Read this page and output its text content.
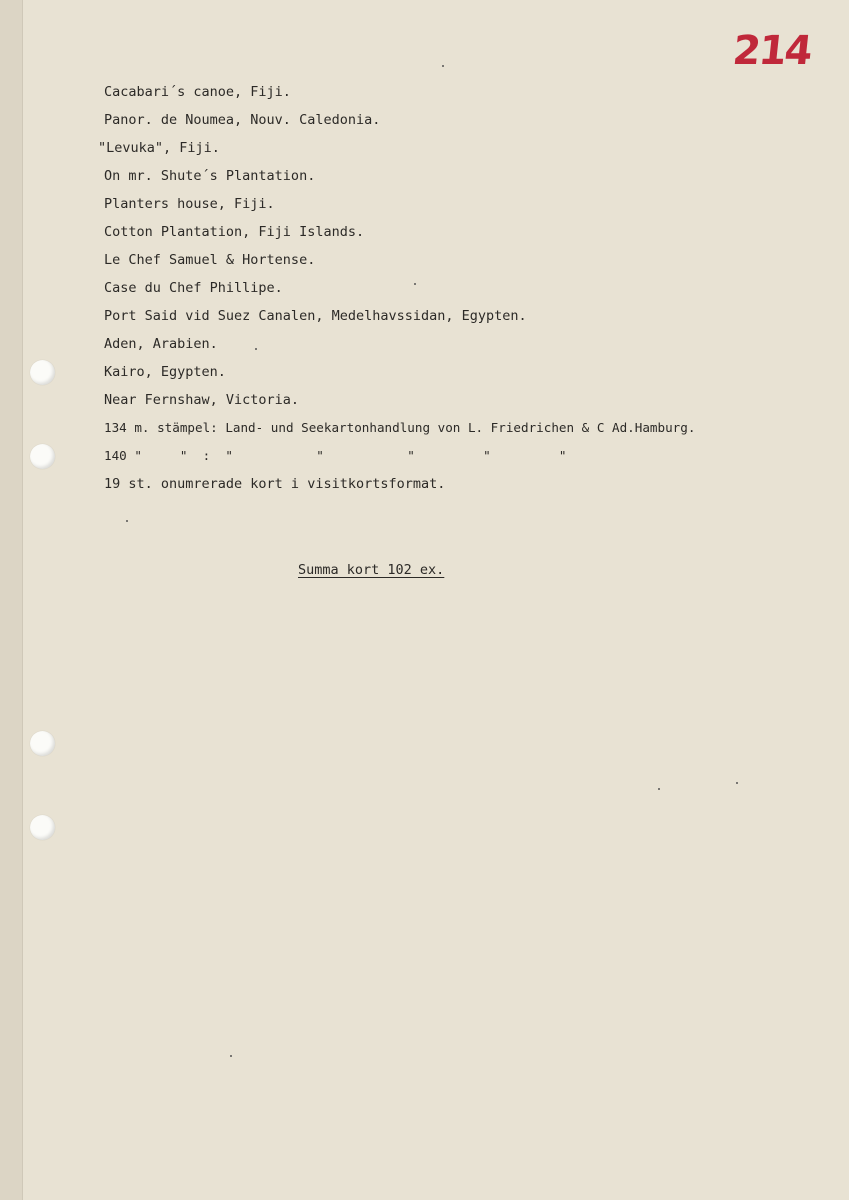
214
Cacabari´s canoe, Fiji.
Panor. de Noumea, Nouv. Caledonia.
"Levuka", Fiji.
On mr. Shute´s Plantation.
Planters house, Fiji.
Cotton Plantation, Fiji Islands.
Le Chef Samuel & Hortense.
Case du Chef Phillipe.
Port Said vid Suez Canalen, Medelhavssidan, Egypten.
Aden, Arabien.
Kairo, Egypten.
Near Fernshaw, Victoria.
134 m. stämpel: Land- und Seekartonhandlung von L. Friedrichen & C Ad.Hamburg.
140 "     "  :  "           "           "         "         "
19 st. onumrerade kort i visitkortsformat.
Summa kort 102 ex.
